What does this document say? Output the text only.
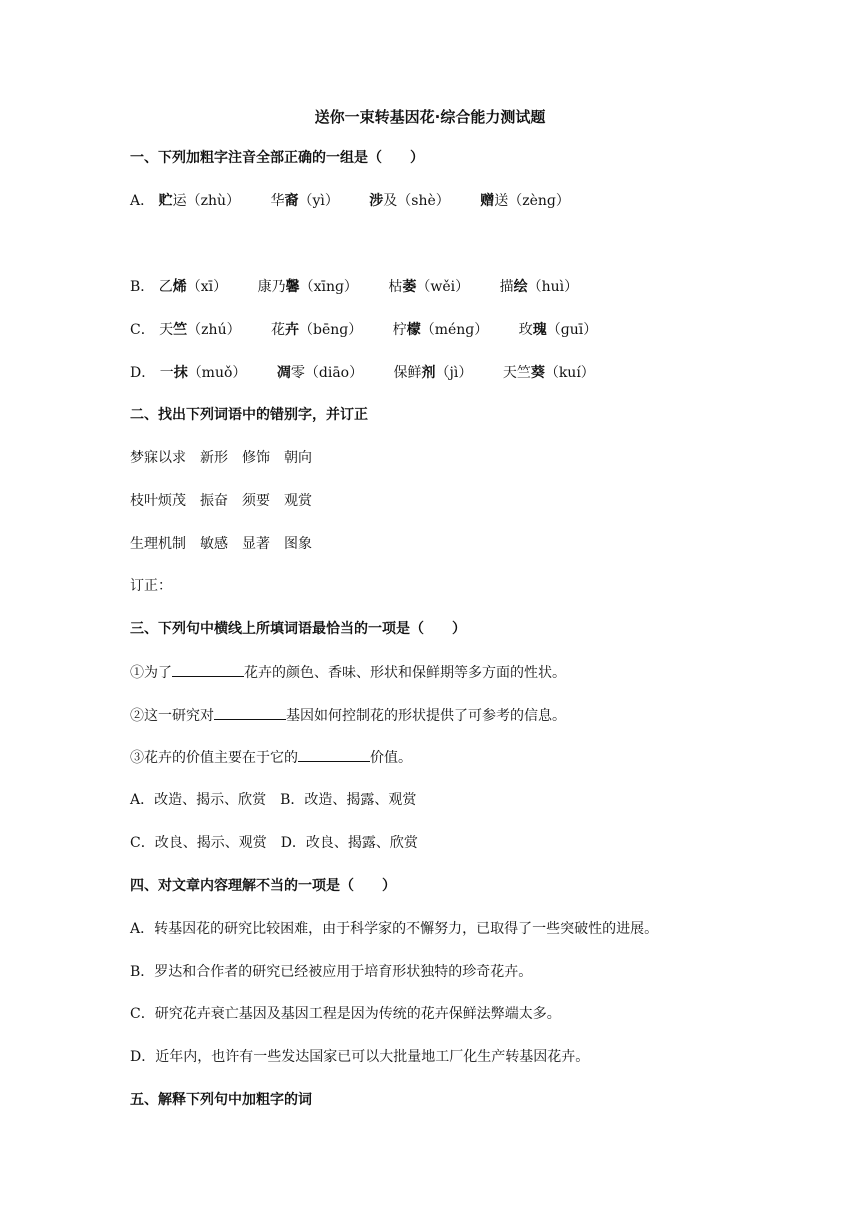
送你一束转基因花·综合能力测试题
一、下列加粗字注音全部正确的一组是（　　）
A． 贮运（zhù） 华裔（yì） 涉及（shè） 赠送（zènɡ）
B． 乙烯（xī） 康乃馨（xīnɡ） 枯萎（wěi） 描绘（huì）
C． 天竺（zhú） 花卉（bēnɡ） 柠檬（ménɡ） 玫瑰（ɡuī）
D． 一抹（muǒ） 凋零（diāo） 保鲜剂（jì） 天竺葵（kuí）
二、找出下列词语中的错别字，并订正
梦寐以求 新形 修饰 朝向
枝叶烦茂 振奋 须要 观赏
生理机制 敏感 显著 图象
订正：
三、下列句中横线上所填词语最恰当的一项是（　　）
①为了	花卉的颜色、香味、形状和保鲜期等多方面的性状。
②这一研究对	基因如何控制花的形状提供了可参考的信息。
③花卉的价值主要在于它的	价值。
A．改造、揭示、欣赏　B．改造、揭露、观赏
C．改良、揭示、观赏　D．改良、揭露、欣赏
四、对文章内容理解不当的一项是（　　）
A．转基因花的研究比较困难，由于科学家的不懈努力，已取得了一些突破性的进展。
B．罗达和合作者的研究已经被应用于培育形状独特的珍奇花卉。
C．研究花卉衰亡基因及基因工程是因为传统的花卉保鲜法弊端太多。
D．近年内，也许有一些发达国家已可以大批量地工厂化生产转基因花卉。
五、解释下列句中加粗字的词
